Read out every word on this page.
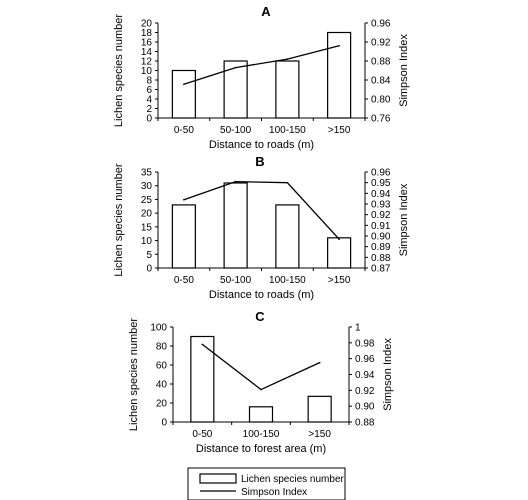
A
0
2
4
6
8
10
12
14
16
18
20
0.76
0.80
0.84
0.88
0.92
0.96
0-50	50-100 100-150 >150
Distance to roads (m)
Lichen species number	Simpson Index
B
0
5
10
15
20
25
30
35
0.87
0.88
0.89
0.90
0.91
0.92
0.93
0.94
0.95
0.96
0-50	50-100 100-150 >150
Distance to roads (m)
Lichen species number	Simpson Index
C
0
20
40
60
80
100
0.88
0.90
0.92
0.94
0.96
0.98
1
0-50	100-150	>150
Distance to forest area (m)
Lichen species number	Simpson Index
Lichen species number
Simpson Index
